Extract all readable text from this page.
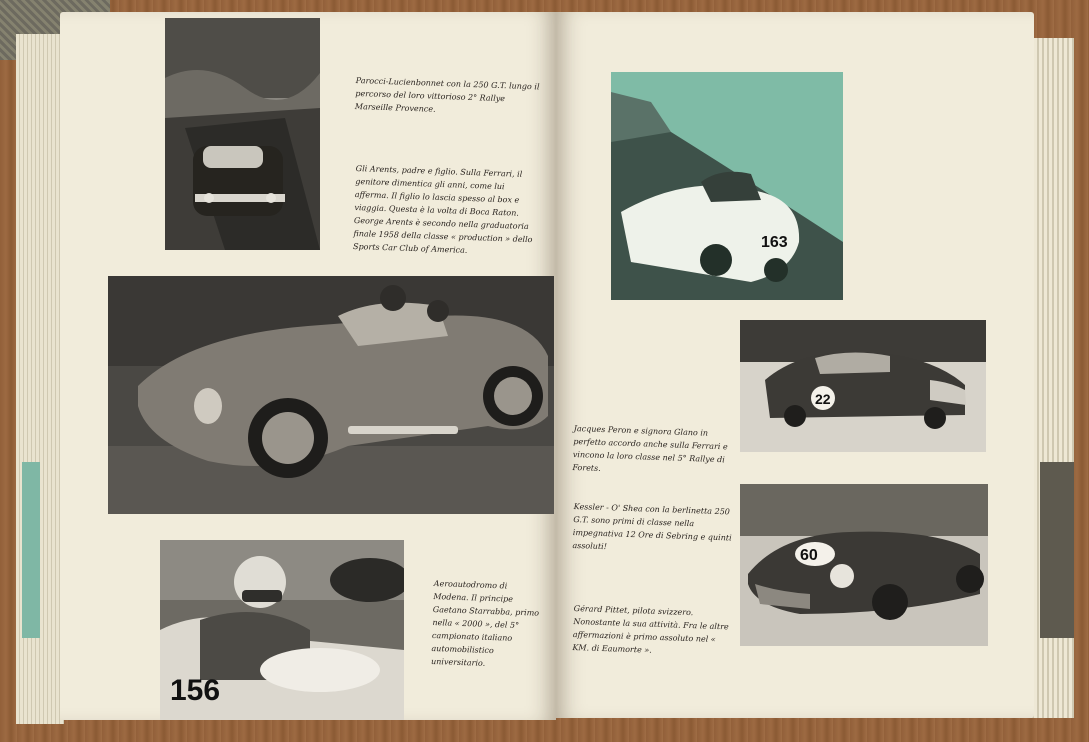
Parocci-Lucienbonnet con la 250 G.T. lungo il percorso del loro vittorioso 2° Rallye Marseille Provence.

Gli Arents, padre e figlio. Sulla Ferrari, il genitore dimentica gli anni, come lui afferma. Il figlio lo lascia spesso al box e viaggia. Questa è la volta di Boca Raton. George Arents è secondo nella graduatoria finale 1958 della classe « production » dello Sports Car Club of America.

156

Aeroautodromo di Modena. Il principe Gaetano Starrabba, primo nella « 2000 », del 5° campionato italiano automobilistico universitario.

163
22
60

Jacques Peron e signora Glano in perfetto accordo anche sulla Ferrari e vincono la loro classe nel 5° Rallye di Forets.

Kessler - O' Shea con la berlinetta 250 G.T. sono primi di classe nella impegnativa 12 Ore di Sebring e quinti assoluti!

Gérard Pittet, pilota svizzero. Nonostante la sua attività. Fra le altre affermazioni è primo assoluto nel « KM. di Eaumorte ».
